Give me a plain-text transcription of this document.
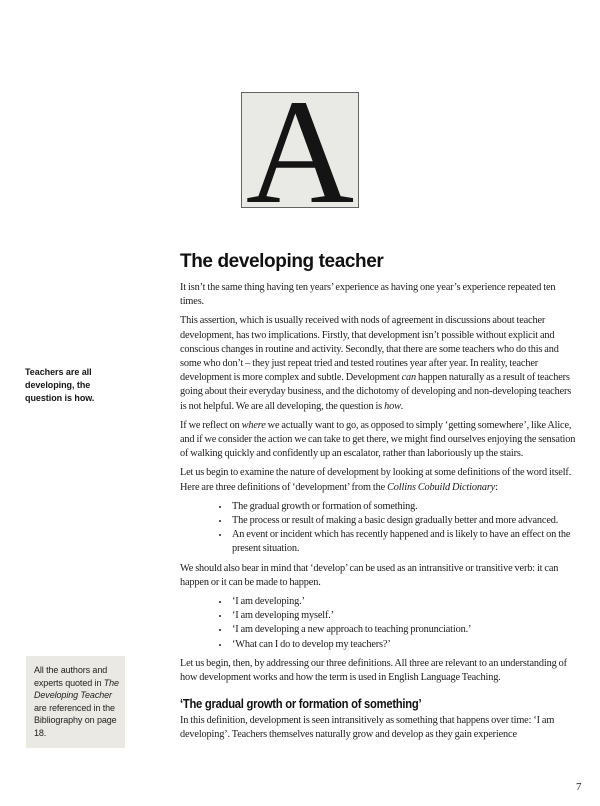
A
Teachers are all developing, the question is how.
All the authors and experts quoted in The Developing Teacher are referenced in the Bibliography on page 18.
The developing teacher

It isn’t the same thing having ten years’ experience as having one year’s experience repeated ten times.

This assertion, which is usually received with nods of agreement in discussions about teacher development, has two implications. Firstly, that development isn’t possible without explicit and conscious changes in routine and activity. Secondly, that there are some teachers who do this and some who don’t – they just repeat tried and tested routines year after year. In reality, teacher development is more complex and subtle. Development can happen naturally as a result of teachers going about their everyday business, and the dichotomy of developing and non-developing teachers is not helpful. We are all developing, the question is how.

If we reflect on where we actually want to go, as opposed to simply ‘getting somewhere’, like Alice, and if we consider the action we can take to get there, we might find ourselves enjoying the sensation of walking quickly and confidently up an escalator, rather than laboriously up the stairs.

Let us begin to examine the nature of development by looking at some definitions of the word itself. Here are three definitions of ‘development’ from the Collins Cobuild Dictionary:

• The gradual growth or formation of something.
• The process or result of making a basic design gradually better and more advanced.
• An event or incident which has recently happened and is likely to have an effect on the present situation.

We should also bear in mind that ‘develop’ can be used as an intransitive or transitive verb: it can happen or it can be made to happen.

• ‘I am developing.’
• ‘I am developing myself.’
• ‘I am developing a new approach to teaching pronunciation.’
• ‘What can I do to develop my teachers?’

Let us begin, then, by addressing our three definitions. All three are relevant to an understanding of how development works and how the term is used in English Language Teaching.

‘The gradual growth or formation of something’

In this definition, development is seen intransitively as something that happens over time: ‘I am developing’. Teachers themselves naturally grow and develop as they gain experience

7
